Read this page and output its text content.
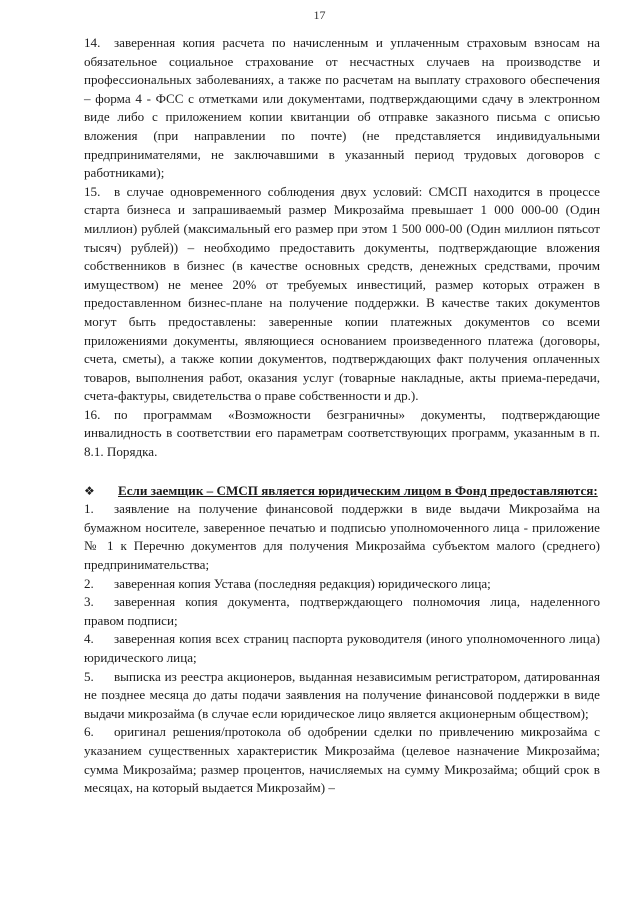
17

14. заверенная копия расчета по начисленным и уплаченным страховым взносам на обязательное социальное страхование от несчастных случаев на производстве и профессиональных заболеваниях, а также по расчетам на выплату страхового обеспечения – форма 4 - ФСС с отметками или документами, подтверждающими сдачу в электронном виде либо с приложением копии квитанции об отправке заказного письма с описью вложения (при направлении по почте) (не представляется индивидуальными предпринимателями, не заключавшими в указанный период трудовых договоров с работниками);

15. в случае одновременного соблюдения двух условий: СМСП находится в процессе старта бизнеса и запрашиваемый размер Микрозайма превышает 1 000 000-00 (Один миллион) рублей (максимальный его размер при этом 1 500 000-00 (Один миллион пятьсот тысяч) рублей)) – необходимо предоставить документы, подтверждающие вложения собственников в бизнес (в качестве основных средств, денежных средствами, прочим имуществом) не менее 20% от требуемых инвестиций, размер которых отражен в предоставленном бизнес-плане на получение поддержки. В качестве таких документов могут быть предоставлены: заверенные копии платежных документов со всеми приложениями документы, являющиеся основанием произведенного платежа (договоры, счета, сметы), а также копии документов, подтверждающих факт получения оплаченных товаров, выполнения работ, оказания услуг (товарные накладные, акты приема-передачи, счета-фактуры, свидетельства о праве собственности и др.).

16. по программам «Возможности безграничны» документы, подтверждающие инвалидность в соответствии его параметрам соответствующих программ, указанным в п. 8.1. Порядка.

❖ Если заемщик – СМСП является юридическим лицом в Фонд предоставляются:

1. заявление на получение финансовой поддержки в виде выдачи Микрозайма на бумажном носителе, заверенное печатью и подписью уполномоченного лица - приложение № 1 к Перечню документов для получения Микрозайма субъектом малого (среднего) предпринимательства;

2. заверенная копия Устава (последняя редакция) юридического лица;

3. заверенная копия документа, подтверждающего полномочия лица, наделенного правом подписи;

4. заверенная копия всех страниц паспорта руководителя (иного уполномоченного лица) юридического лица;

5. выписка из реестра акционеров, выданная независимым регистратором, датированная не позднее месяца до даты подачи заявления на получение финансовой поддержки в виде выдачи микрозайма (в случае если юридическое лицо является акционерным обществом);

6. оригинал решения/протокола об одобрении сделки по привлечению микрозайма с указанием существенных характеристик Микрозайма (целевое назначение Микрозайма; сумма Микрозайма; размер процентов, начисляемых на сумму Микрозайма; общий срок в месяцах, на который выдается Микрозайм) –
